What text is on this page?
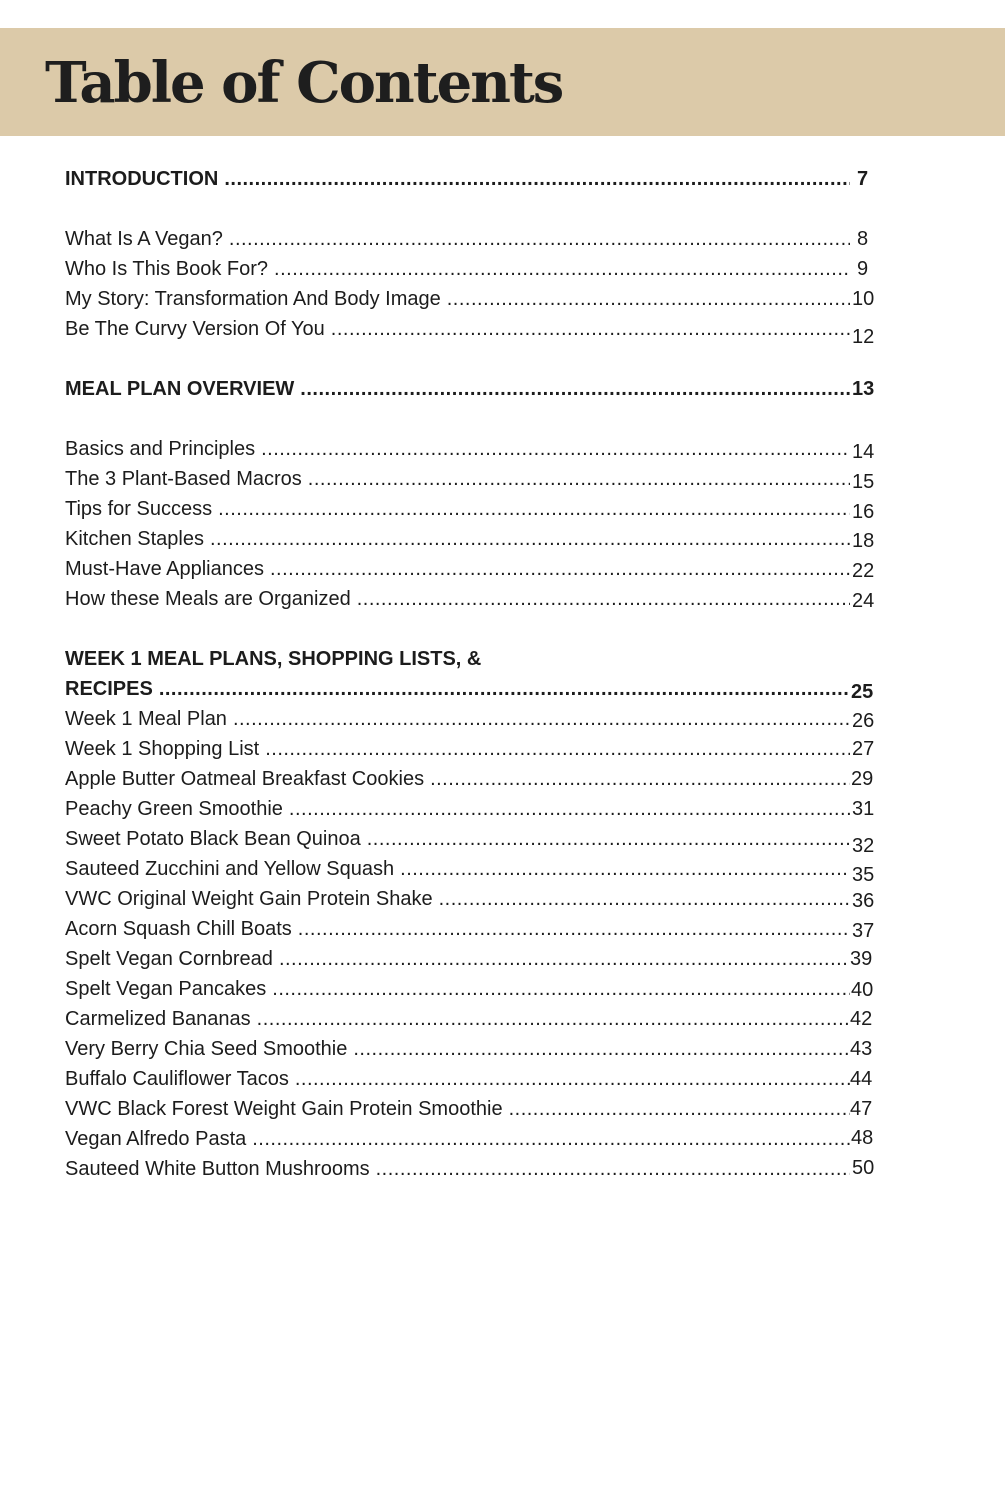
Table of Contents
INTRODUCTION .....	7
What Is A Vegan? .....	8
Who Is This Book For? .....	9
My Story: Transformation And Body Image .....	10
Be The Curvy Version Of You .....	12
MEAL PLAN OVERVIEW .....	13
Basics and Principles .....	14
The 3 Plant-Based Macros .....	15
Tips for Success .....	16
Kitchen Staples .....	18
Must-Have Appliances .....	22
How these Meals are Organized .....	24
WEEK 1 MEAL PLANS, SHOPPING LISTS, &
RECIPES .....	25
Week 1 Meal Plan .....	26
Week 1 Shopping List .....	27
Apple Butter Oatmeal Breakfast Cookies .....	29
Peachy Green Smoothie .....	31
Sweet Potato Black Bean Quinoa .....	32
Sauteed Zucchini and Yellow Squash .....	35
VWC Original Weight Gain Protein Shake .....	36
Acorn Squash Chill Boats .....	37
Spelt Vegan Cornbread .....	39
Spelt Vegan Pancakes .....	40
Carmelized Bananas .....	42
Very Berry Chia Seed Smoothie .....	43
Buffalo Cauliflower Tacos .....	44
VWC Black Forest Weight Gain Protein Smoothie .....	47
Vegan Alfredo Pasta .....	48
Sauteed White Button Mushrooms .....	50
